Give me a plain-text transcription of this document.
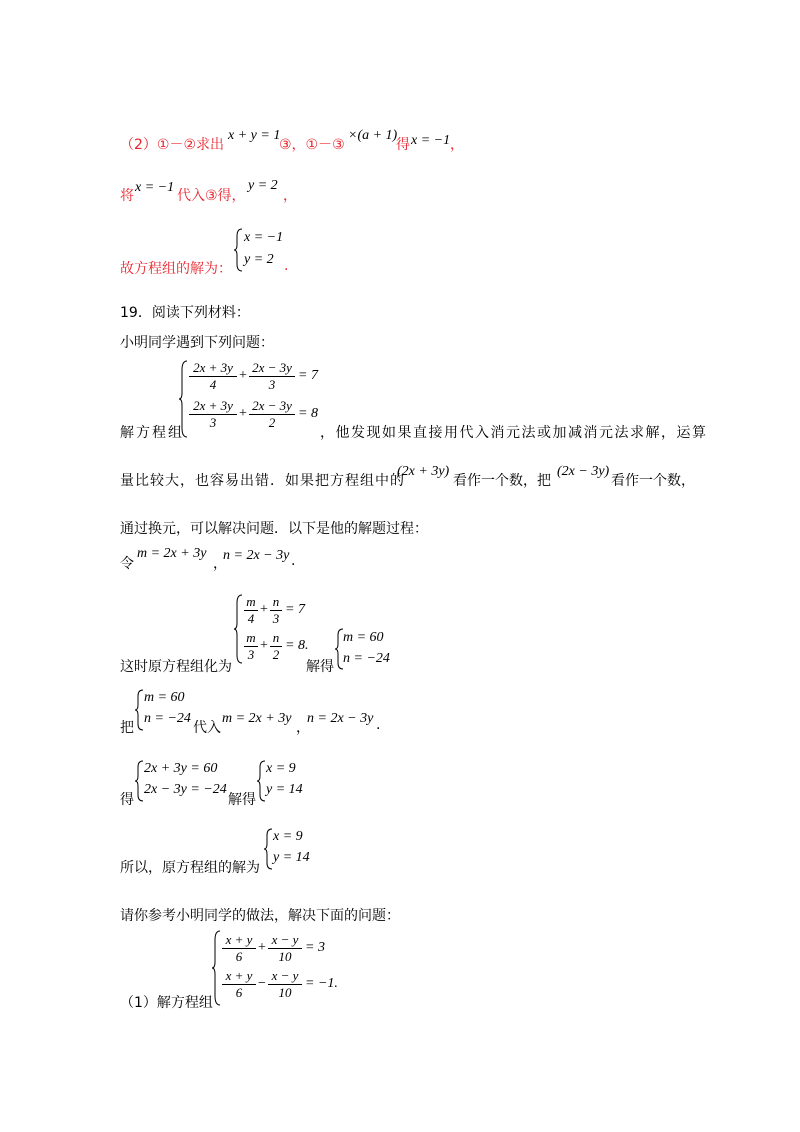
（2）①－②求出
x + y = 1
③，①－③
×(a + 1)
得 x = −1 ，
将
x = −1
代入③得，
y = 2
，
故方程组的解为：
x = −1
y = 2 .
19．阅读下列材料：
小明同学遇到下列问题：
2x + 3y
4
+
2x − 3y
3
= 7
2x + 3y
3
+
2x − 3y
2
= 8
解方程组	，他发现如果直接用代入消元法或加减消元法求解，运算
量比较大，也容易出错．如果把方程组中的
(2x + 3y)
看作一个数，把
(2x − 3y)
看作一个数，
通过换元，可以解决问题．以下是他的解题过程：
令
m = 2x + 3y
，
n = 2x − 3y .
m
4
+
n
3
= 7
m
3
+
n
2
= 8.
这时原方程组化为	解得
m = 60
n = −24
m = 60
n = −24
把	代入
m = 2x + 3y
，
n = 2x − 3y .
2x + 3y = 60
2x − 3y = −24
得	解得
x = 9
y = 14
所以，原方程组的解为
x = 9
y = 14
请你参考小明同学的做法，解决下面的问题：
x + y
6
+
x − y
10
= 3
x + y
6
−
x − y
10
= −1.
（1）解方程组
